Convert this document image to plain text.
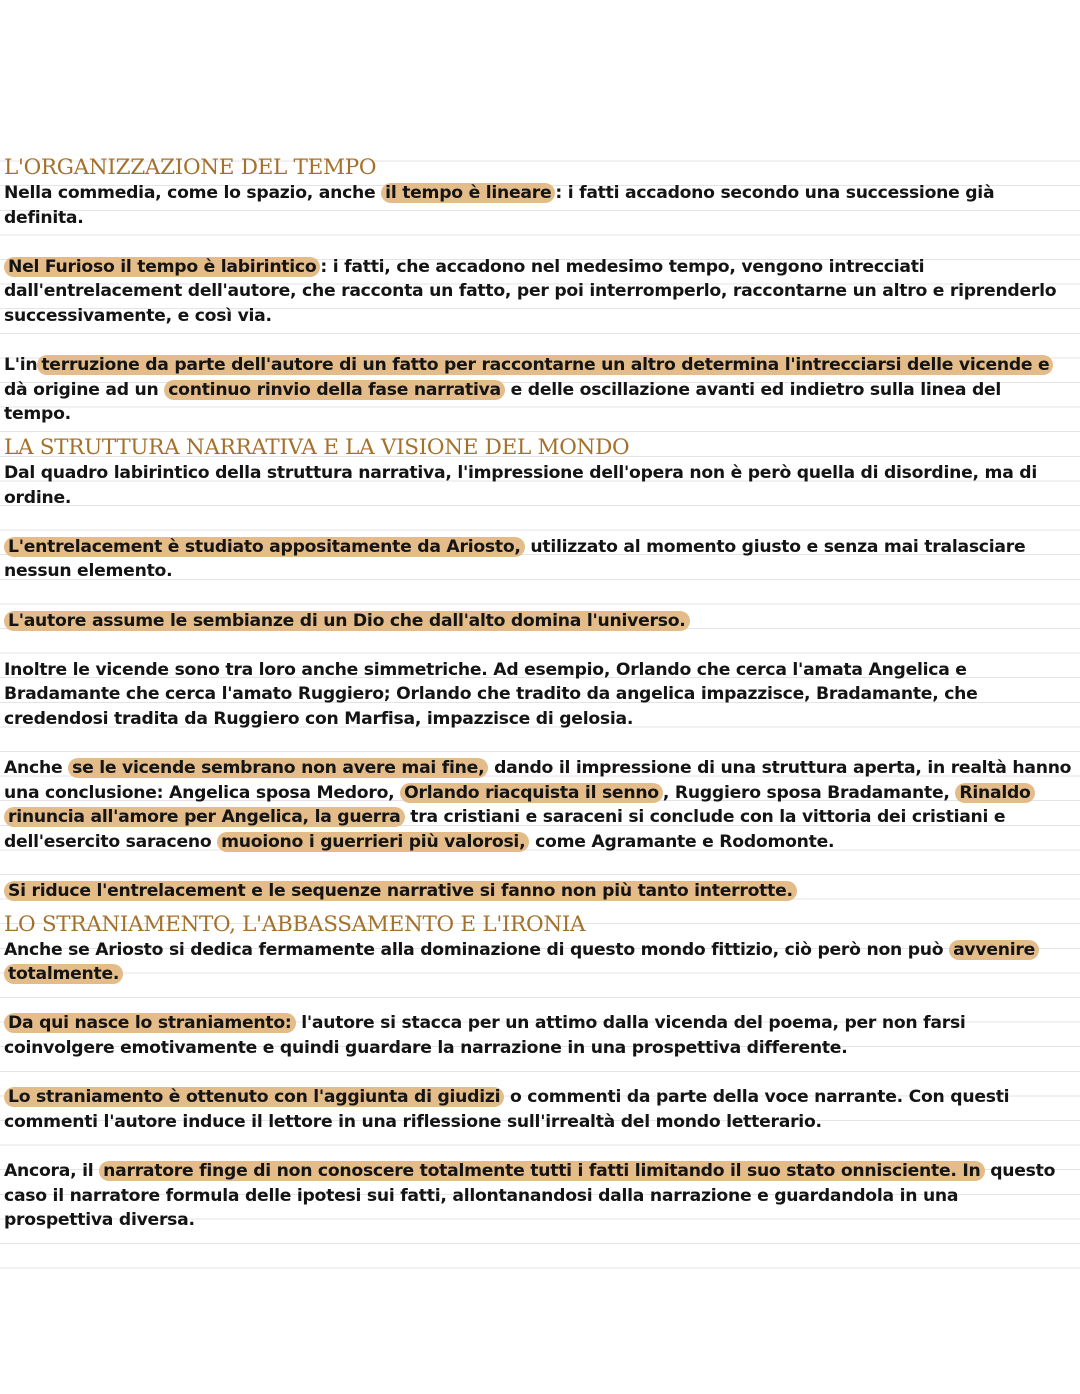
L'ORGANIZZAZIONE DEL TEMPO

Nella commedia, come lo spazio, anche il tempo è lineare : i fatti accadono secondo una successione già definita.

Nel Furioso il tempo è labirintico : i fatti, che accadono nel medesimo tempo, vengono intrecciati dall'entrelacement dell'autore, che racconta un fatto, per poi interromperlo, raccontarne un altro e riprenderlo successivamente, e così via.

L'in terruzione da parte dell'autore di un fatto per raccontarne un altro determina l'intrecciarsi delle vicende e dà origine ad un continuo rinvio della fase narrativa e delle oscillazione avanti ed indietro sulla linea del tempo.

LA STRUTTURA NARRATIVA E LA VISIONE DEL MONDO

Dal quadro labirintico della struttura narrativa, l'impressione dell'opera non è però quella di disordine, ma di ordine.

L'entrelacement è studiato appositamente da Ariosto, utilizzato al momento giusto e senza mai tralasciare nessun elemento.

L'autore assume le sembianze di un Dio che dall'alto domina l'universo.

Inoltre le vicende sono tra loro anche simmetriche. Ad esempio, Orlando che cerca l'amata Angelica e Bradamante che cerca l'amato Ruggiero; Orlando che tradito da angelica impazzisce, Bradamante, che credendosi tradita da Ruggiero con Marfisa, impazzisce di gelosia.

Anche se le vicende sembrano non avere mai fine, dando il impressione di una struttura aperta, in realtà hanno una conclusione: Angelica sposa Medoro, Orlando riacquista il senno , Ruggiero sposa Bradamante, Rinaldo rinuncia all'amore per Angelica, la guerra tra cristiani e saraceni si conclude con la vittoria dei cristiani e dell'esercito saraceno muoiono i guerrieri più valorosi, come Agramante e Rodomonte.

Si riduce l'entrelacement e le sequenze narrative si fanno non più tanto interrotte.

LO STRANIAMENTO, L'ABBASSAMENTO E L'IRONIA

Anche se Ariosto si dedica fermamente alla dominazione di questo mondo fittizio, ciò però non può avvenire totalmente.

Da qui nasce lo straniamento: l'autore si stacca per un attimo dalla vicenda del poema, per non farsi coinvolgere emotivamente e quindi guardare la narrazione in una prospettiva differente.

Lo straniamento è ottenuto con l'aggiunta di giudizi o commenti da parte della voce narrante. Con questi commenti l'autore induce il lettore in una riflessione sull'irrealtà del mondo letterario.

Ancora, il narratore finge di non conoscere totalmente tutti i fatti limitando il suo stato onnisciente. In questo caso il narratore formula delle ipotesi sui fatti, allontanandosi dalla narrazione e guardandola in una prospettiva diversa.
